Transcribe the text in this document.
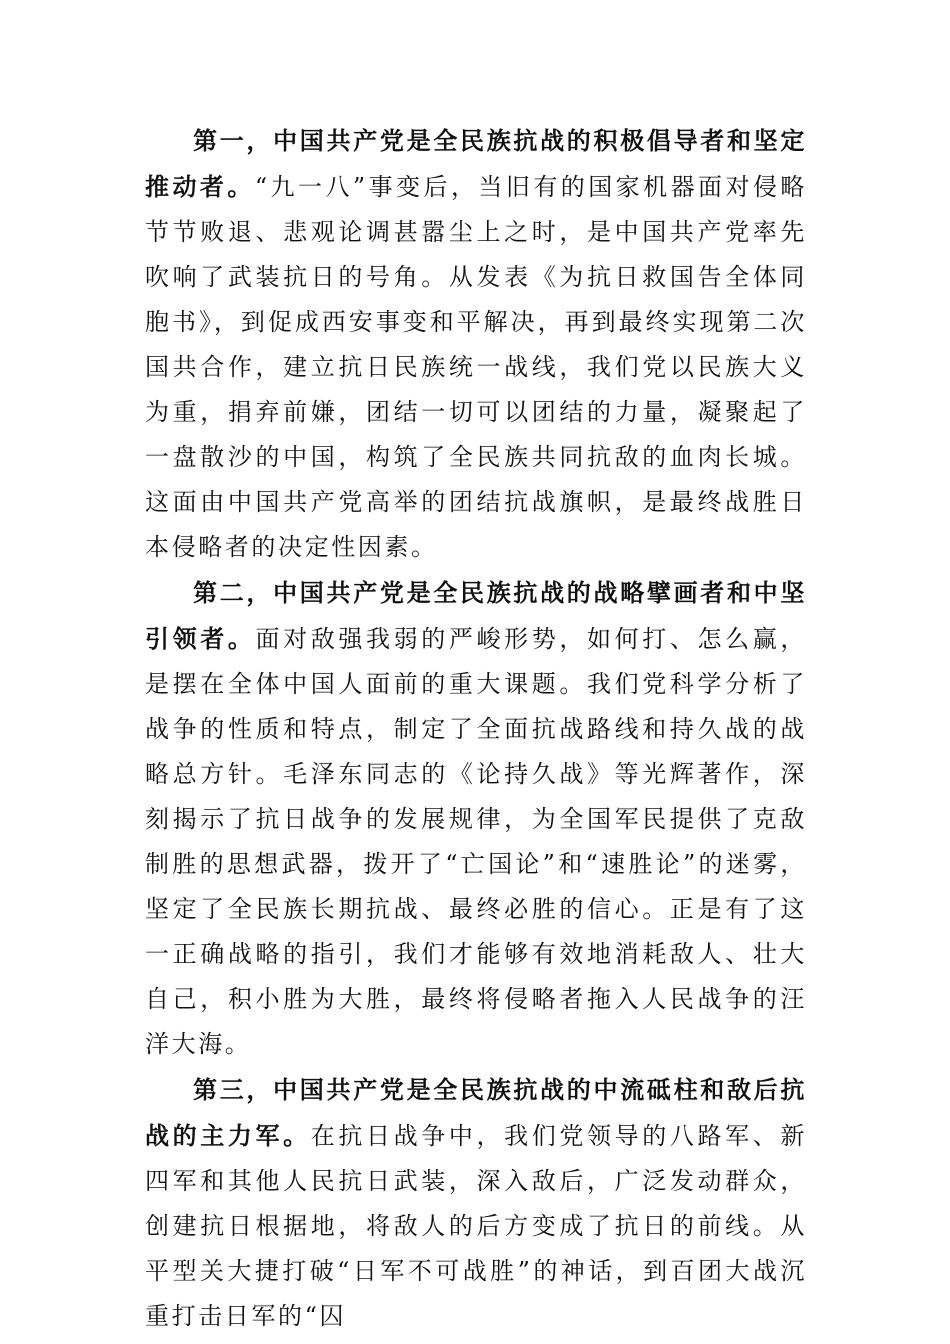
第一，中国共产党是全民族抗战的积极倡导者和坚定推动者。“九一八”事变后，当旧有的国家机器面对侵略节节败退、悲观论调甚嚣尘上之时，是中国共产党率先吹响了武装抗日的号角。从发表《为抗日救国告全体同胞书》，到促成西安事变和平解决，再到最终实现第二次国共合作，建立抗日民族统一战线，我们党以民族大义为重，捐弃前嫌，团结一切可以团结的力量，凝聚起了一盘散沙的中国，构筑了全民族共同抗敌的血肉长城。这面由中国共产党高举的团结抗战旗帜，是最终战胜日本侵略者的决定性因素。

第二，中国共产党是全民族抗战的战略擘画者和中坚引领者。面对敌强我弱的严峻形势，如何打、怎么赢，是摆在全体中国人面前的重大课题。我们党科学分析了战争的性质和特点，制定了全面抗战路线和持久战的战略总方针。毛泽东同志的《论持久战》等光辉著作，深刻揭示了抗日战争的发展规律，为全国军民提供了克敌制胜的思想武器，拨开了“亡国论”和“速胜论”的迷雾，坚定了全民族长期抗战、最终必胜的信心。正是有了这一正确战略的指引，我们才能够有效地消耗敌人、壮大自己，积小胜为大胜，最终将侵略者拖入人民战争的汪洋大海。

第三，中国共产党是全民族抗战的中流砥柱和敌后抗战的主力军。在抗日战争中，我们党领导的八路军、新四军和其他人民抗日武装，深入敌后，广泛发动群众，创建抗日根据地，将敌人的后方变成了抗日的前线。从平型关大捷打破“日军不可战胜”的神话，到百团大战沉重打击日军的“囚
